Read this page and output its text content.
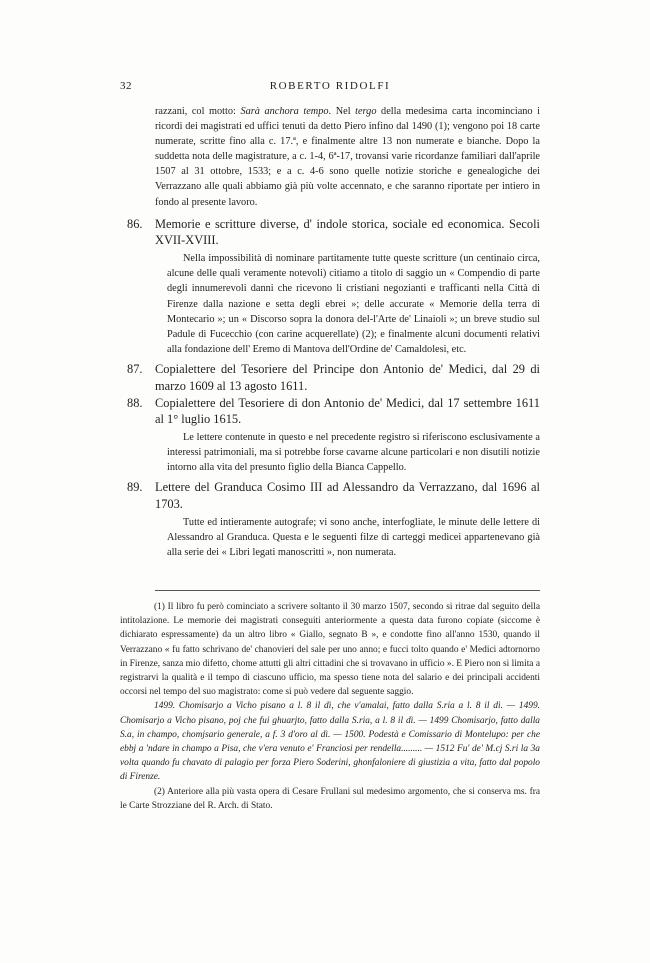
32	ROBERTO RIDOLFI

razzani, col motto: Sarà anchora tempo. Nel tergo della medesima carta incominciano i ricordi dei magistrati ed uffici tenuti da detto Piero infino dal 1490 (1); vengono poi 18 carte numerate, scritte fino alla c. 17.ª, e finalmente altre 13 non numerate e bianche. Dopo la suddetta nota delle magistrature, a c. 1-4, 6ª-17, trovansi varie ricordanze familiari dall'aprile 1507 al 31 ottobre, 1533; e a c. 4-6 sono quelle notizie storiche e genealogiche dei Verrazzano alle quali abbiamo già più volte accennato, e che saranno riportate per intiero in fondo al presente lavoro.

86. Memorie e scritture diverse, d' indole storica, sociale ed economica. Secoli XVII-XVIII.

Nella impossibilità di nominare partitamente tutte queste scritture (un centinaio circa, alcune delle quali veramente notevoli) citiamo a titolo di saggio un « Compendio di parte degli innumerevoli danni che ricevono li cristiani negozianti e trafficanti nella Città di Firenze dalla nazione e setta degli ebrei »; delle accurate « Memorie della terra di Montecario »; un « Discorso sopra la donora del-l'Arte de' Linaioli »; un breve studio sul Padule di Fucecchio (con carine acquerellate) (2); e finalmente alcuni documenti relativi alla fondazione dell' Eremo di Mantova dell'Ordine de' Camaldolesi, etc.

87. Copialettere del Tesoriere del Principe don Antonio de' Medici, dal 29 di marzo 1609 al 13 agosto 1611.
88. Copialettere del Tesoriere di don Antonio de' Medici, dal 17 settembre 1611 al 1° luglio 1615.

Le lettere contenute in questo e nel precedente registro si riferiscono esclusivamente a interessi patrimoniali, ma si potrebbe forse cavarne alcune particolari e non disutili notizie intorno alla vita del presunto figlio della Bianca Cappello.

89. Lettere del Granduca Cosimo III ad Alessandro da Verrazzano, dal 1696 al 1703.

Tutte ed intieramente autografe; vi sono anche, interfogliate, le minute delle lettere di Alessandro al Granduca. Questa e le seguenti filze di carteggi medicei appartenevano già alla serie dei « Libri legati manoscritti », non numerata.

(1) Il libro fu però cominciato a scrivere soltanto il 30 marzo 1507, secondo si ritrae dal seguito della intitolazione. Le memorie dei magistrati conseguiti anteriormente a questa data furono copiate (siccome è dichiarato espressamente) da un altro libro « Giallo, segnato B », e condotte fino all'anno 1530, quando il Verrazzano « fu fatto schrivano de' chanovieri del sale per uno anno; e fucci tolto quando e' Medici adtornorno in Firenze, sanza mio difetto, chome attutti gli altri cittadini che si trovavano in ufficio ». E Piero non si limita a registrarvi la qualità e il tempo di ciascuno ufficio, ma spesso tiene nota del salario e dei principali accidenti occorsi nel tempo del suo magistrato: come si può vedere dal seguente saggio.

1499. Chomisarjo a Vicho pisano a l. 8 il dì, che v'amalai, fatto dalla S.ria a l. 8 il dì. — 1499. Chomisarjo a Vicho pisano, poj che fui ghuarjto, fatto dalla S.ria, a l. 8 il dì. — 1499 Chomisarjo, fatto dalla S.a, in champo, chomjsario generale, a f. 3 d'oro al dì. — 1500. Podestà e Comissario di Montelupo: per che ebbj a 'ndare in champo a Pisa, che v'era venuto e' Franciosi per rendella......... — 1512 Fu' de' M.cj S.ri la 3a volta quando fu chavato di palagio per forza Piero Soderini, ghonfaloniere di giustizia a vita, fatto dal popolo di Firenze.

(2) Anteriore alla più vasta opera di Cesare Frullani sul medesimo argomento, che si conserva ms. fra le Carte Strozziane del R. Arch. di Stato.
